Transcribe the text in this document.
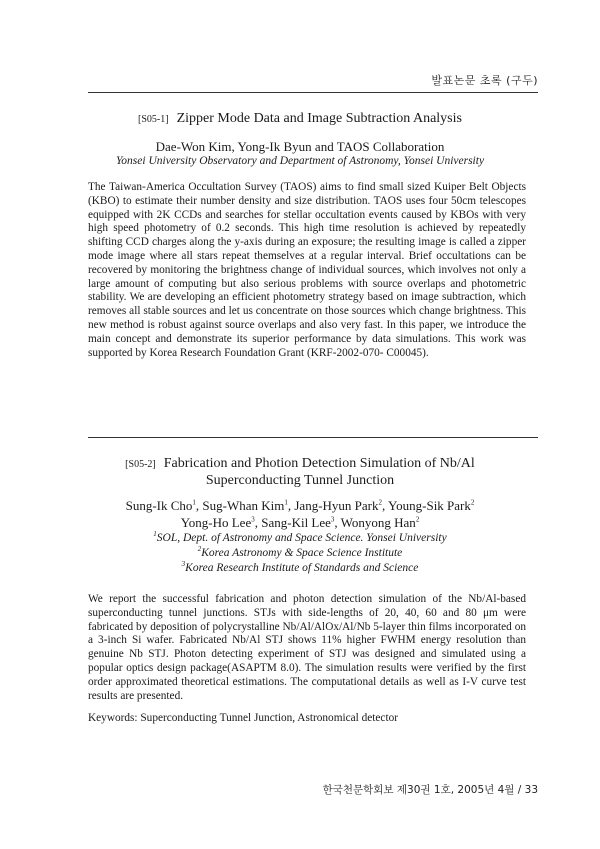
발표논문 초록 (구두)
[S05-1] Zipper Mode Data and Image Subtraction Analysis
Dae-Won Kim, Yong-Ik Byun and TAOS Collaboration
Yonsei University Observatory and Department of Astronomy, Yonsei University

The Taiwan-America Occultation Survey (TAOS) aims to find small sized Kuiper Belt Objects (KBO) to estimate their number density and size distribution. TAOS uses four 50cm telescopes equipped with 2K CCDs and searches for stellar occultation events caused by KBOs with very high speed photometry of 0.2 seconds. This high time resolution is achieved by repeatedly shifting CCD charges along the y-axis during an exposure; the resulting image is called a zipper mode image where all stars repeat themselves at a regular interval. Brief occultations can be recovered by monitoring the brightness change of individual sources, which involves not only a large amount of computing but also serious problems with source overlaps and photometric stability. We are developing an efficient photometry strategy based on image subtraction, which removes all stable sources and let us concentrate on those sources which change brightness. This new method is robust against source overlaps and also very fast. In this paper, we introduce the main concept and demonstrate its superior performance by data simulations. This work was supported by Korea Research Foundation Grant (KRF-2002-070- C00045).

[S05-2] Fabrication and Photion Detection Simulation of Nb/Al
Superconducting Tunnel Junction
Sung-Ik Cho$^1$, Sug-Whan Kim$^1$, Jang-Hyun Park$^2$, Young-Sik Park$^2$
Yong-Ho Lee$^3$, Sang-Kil Lee$^3$, Wonyong Han$^2$
$^1$SOL, Dept. of Astronomy and Space Science. Yonsei University
$^2$Korea Astronomy & Space Science Institute
$^3$Korea Research Institute of Standards and Science

We report the successful fabrication and photon detection simulation of the Nb/Al-based superconducting tunnel junctions. STJs with side-lengths of 20, 40, 60 and 80 μm were fabricated by deposition of polycrystalline Nb/Al/AlOx/Al/Nb 5-layer thin films incorporated on a 3-inch Si wafer. Fabricated Nb/Al STJ shows 11% higher FWHM energy resolution than genuine Nb STJ. Photon detecting experiment of STJ was designed and simulated using a popular optics design package(ASAPTM 8.0). The simulation results were verified by the first order approximated theoretical estimations. The computational details as well as I-V curve test results are presented.

Keywords: Superconducting Tunnel Junction, Astronomical detector
한국천문학회보 제30권 1호, 2005년 4월 / 33
